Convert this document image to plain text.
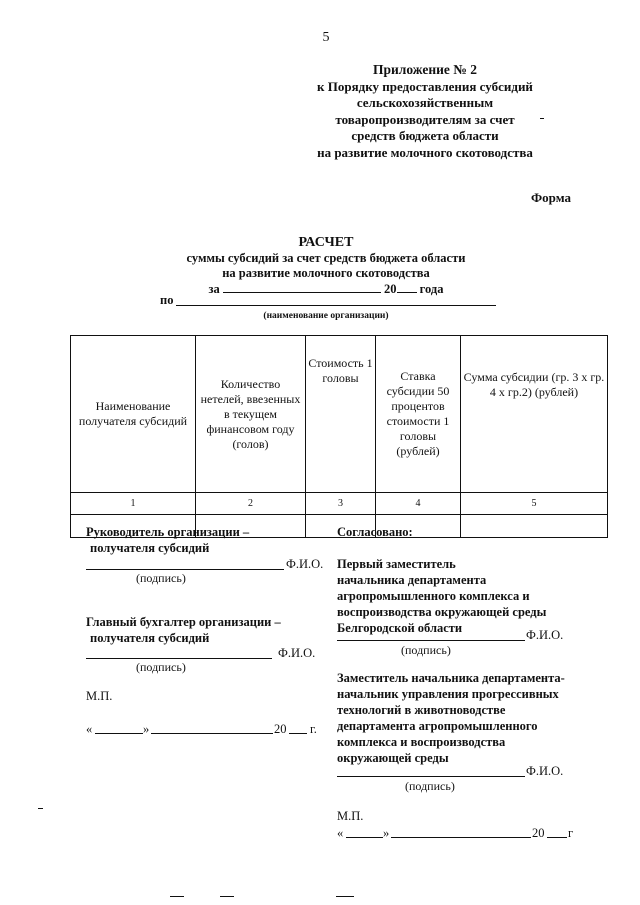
5
Приложение № 2
к Порядку предоставления субсидий
сельскохозяйственным
товаропроизводителям за счет
средств бюджета области
на развитие молочного скотоводства
Форма
РАСЧЕТ
суммы субсидий за счет средств бюджета области
на развитие молочного скотоводства
за	20 года
по
(наименование организации)
Наименование получателя субсидий	Количество нетелей, ввезенных в текущем финансовом году (голов)	Стоимость 1 головы	Ставка субсидии 50 процентов стоимости 1 головы (рублей)	Сумма субсидии (гр. 3 х гр. 4 х гр.2) (рублей)
1	2	3	4	5

Руководитель организации –
получателя субсидий
Ф.И.О.
(подпись)
Главный бухгалтер организации –
получателя субсидий
Ф.И.О.
(подпись)
М.П.
«	»	20 г.
Согласовано:
Первый заместитель
начальника департамента
агропромышленного комплекса и
воспроизводства окружающей среды
Белгородской области	Ф.И.О.
(подпись)
Заместитель начальника департамента-
начальник управления прогрессивных
технологий в животноводстве
департамента агропромышленного
комплекса и воспроизводства
окружающей среды
Ф.И.О.
(подпись)
М.П.
«	»	20 г
